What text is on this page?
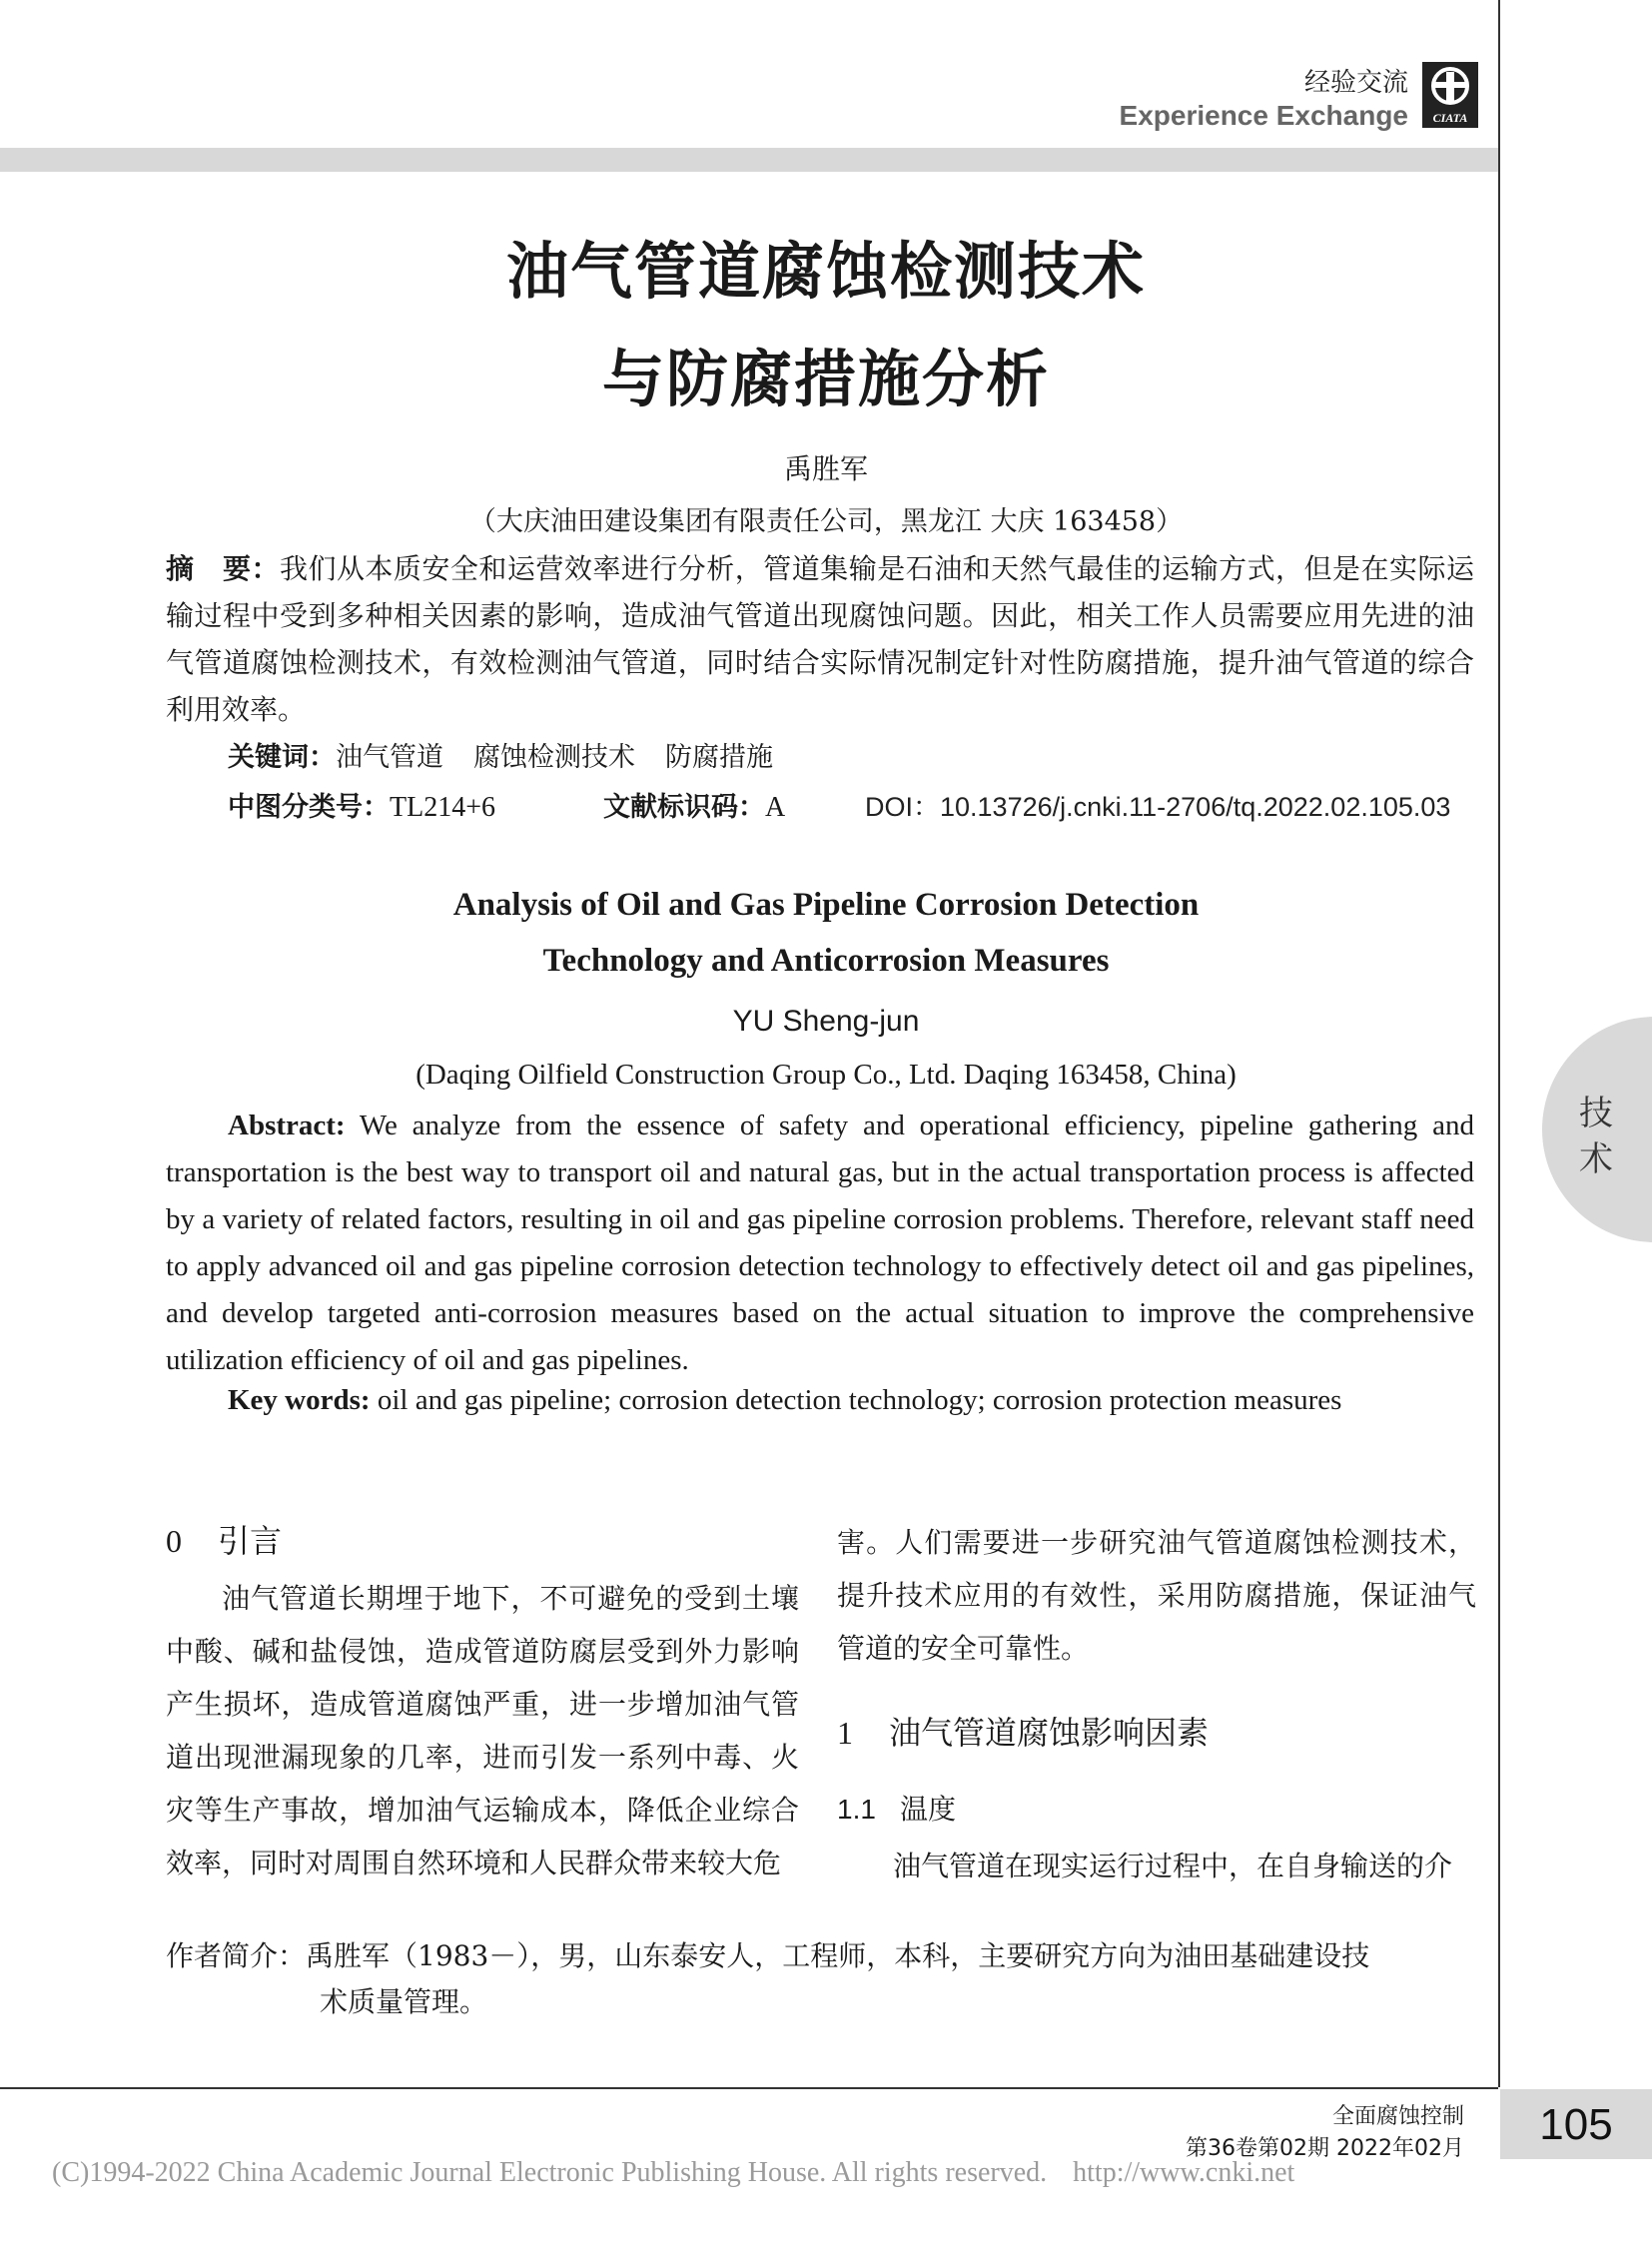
经验交流
Experience Exchange CIATA
油气管道腐蚀检测技术
与防腐措施分析
禹胜军
（大庆油田建设集团有限责任公司，黑龙江 大庆 163458）
摘　要：我们从本质安全和运营效率进行分析，管道集输是石油和天然气最佳的运输方式，但是在实际运输过程中受到多种相关因素的影响，造成油气管道出现腐蚀问题。因此，相关工作人员需要应用先进的油气管道腐蚀检测技术，有效检测油气管道，同时结合实际情况制定针对性防腐措施，提升油气管道的综合利用效率。
关键词：油气管道 腐蚀检测技术 防腐措施
中图分类号：TL214+6	文献标识码：A	DOI：10.13726/j.cnki.11-2706/tq.2022.02.105.03
Analysis of Oil and Gas Pipeline Corrosion Detection
Technology and Anticorrosion Measures
YU Sheng-jun
(Daqing Oilfield Construction Group Co., Ltd. Daqing 163458, China)

Abstract: We analyze from the essence of safety and operational efficiency, pipeline gathering and transportation is the best way to transport oil and natural gas, but in the actual transportation process is affected by a variety of related factors, resulting in oil and gas pipeline corrosion problems. Therefore, relevant staff need to apply advanced oil and gas pipeline corrosion detection technology to effectively detect oil and gas pipelines, and develop targeted anti-corrosion measures based on the actual situation to improve the comprehensive utilization efficiency of oil and gas pipelines.

Key words: oil and gas pipeline; corrosion detection technology; corrosion protection measures
技
术
0 引言

油气管道长期埋于地下，不可避免的受到土壤中酸、碱和盐侵蚀，造成管道防腐层受到外力影响产生损坏，造成管道腐蚀严重，进一步增加油气管道出现泄漏现象的几率，进而引发一系列中毒、火灾等生产事故，增加油气运输成本，降低企业综合效率，同时对周围自然环境和人民群众带来较大危

害。人们需要进一步研究油气管道腐蚀检测技术，提升技术应用的有效性，采用防腐措施，保证油气管道的安全可靠性。

1 油气管道腐蚀影响因素
1.1 温度

油气管道在现实运行过程中，在自身输送的介

作者简介：禹胜军（1983－），男，山东泰安人，工程师，本科，主要研究方向为油田基础建设技
术质量管理。
全面腐蚀控制
第36卷第02期 2022年02月	105
(C)1994-2022 China Academic Journal Electronic Publishing House. All rights reserved. http://www.cnki.net
